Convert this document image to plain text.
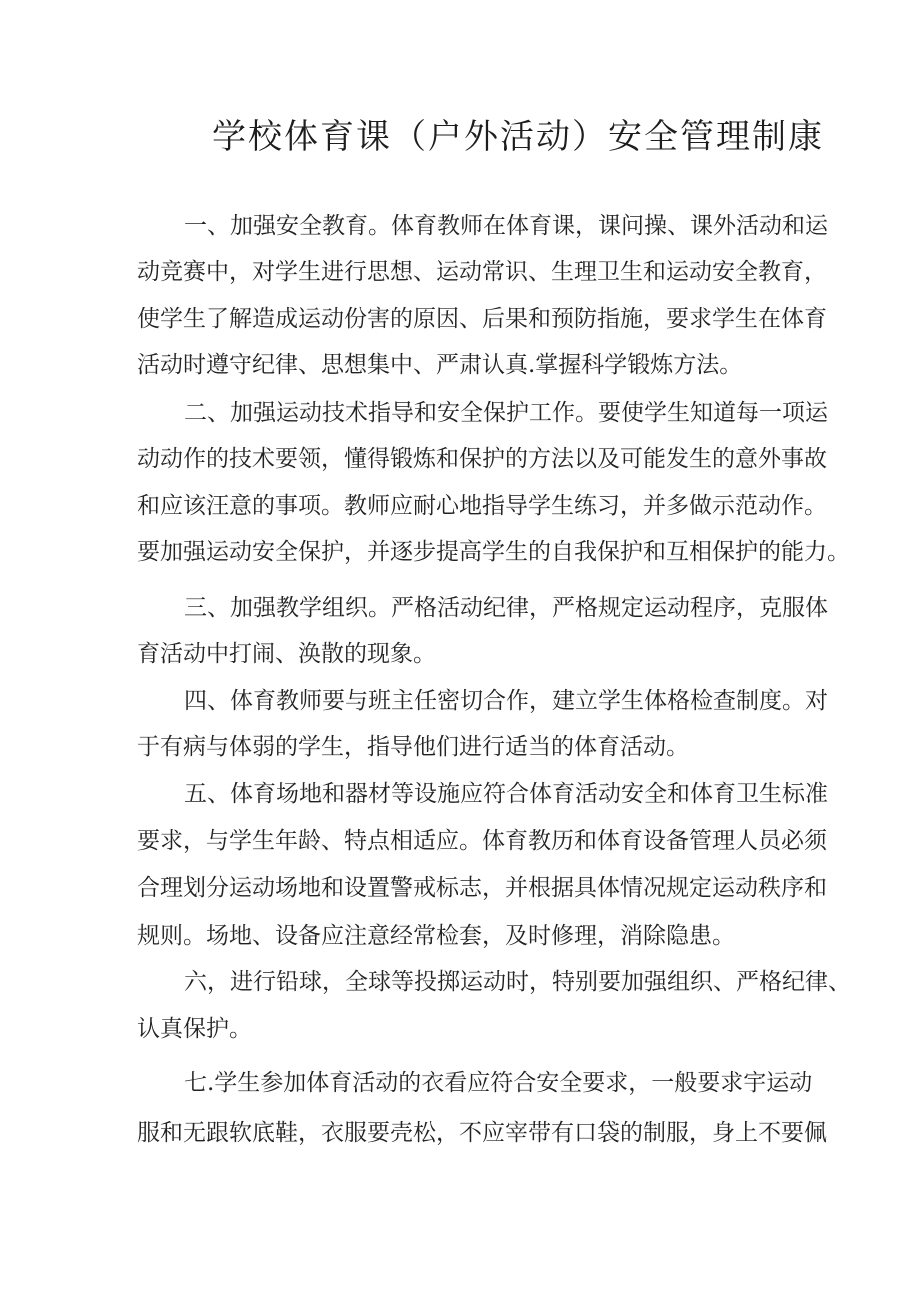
学校体育课（户外活动）安全管理制康
一、加强安全教育。体育教师在体育课，课问操、课外活动和运
动竞赛中，对学生进行思想、运动常识、生理卫生和运动安全教育，
使学生了解造成运动份害的原因、后果和预防指施，要求学生在体育
活动时遵守纪律、思想集中、严肃认真.掌握科学锻炼方法。
二、加强运动技术指导和安全保护工作。要使学生知道每一项运
动动作的技术要领，懂得锻炼和保护的方法以及可能发生的意外事故
和应该汪意的事项。教师应耐心地指导学生练习，并多做示范动作。
要加强运动安全保护，并逐步提高学生的自我保护和互相保护的能力。
三、加强教学组织。严格活动纪律，严格规定运动程序，克服体
育活动中打闹、涣散的现象。
四、体育教师要与班主任密切合作，建立学生体格检查制度。对
于有病与体弱的学生，指导他们进行适当的体育活动。
五、体育场地和器材等设施应符合体育活动安全和体育卫生标准
要求，与学生年龄、特点相适应。体育教历和体育设备管理人员必须
合理划分运动场地和设置警戒标志，并根据具体情况规定运动秩序和
规则。场地、设备应注意经常检套，及时修理，消除隐患。
六，进行铅球，全球等投掷运动时，特别要加强组织、严格纪律、
认真保护。
七.学生参加体育活动的衣看应符合安全要求，一般要求宇运动
服和无跟软底鞋，衣服要壳松，不应宰带有口袋的制服，身上不要佩
